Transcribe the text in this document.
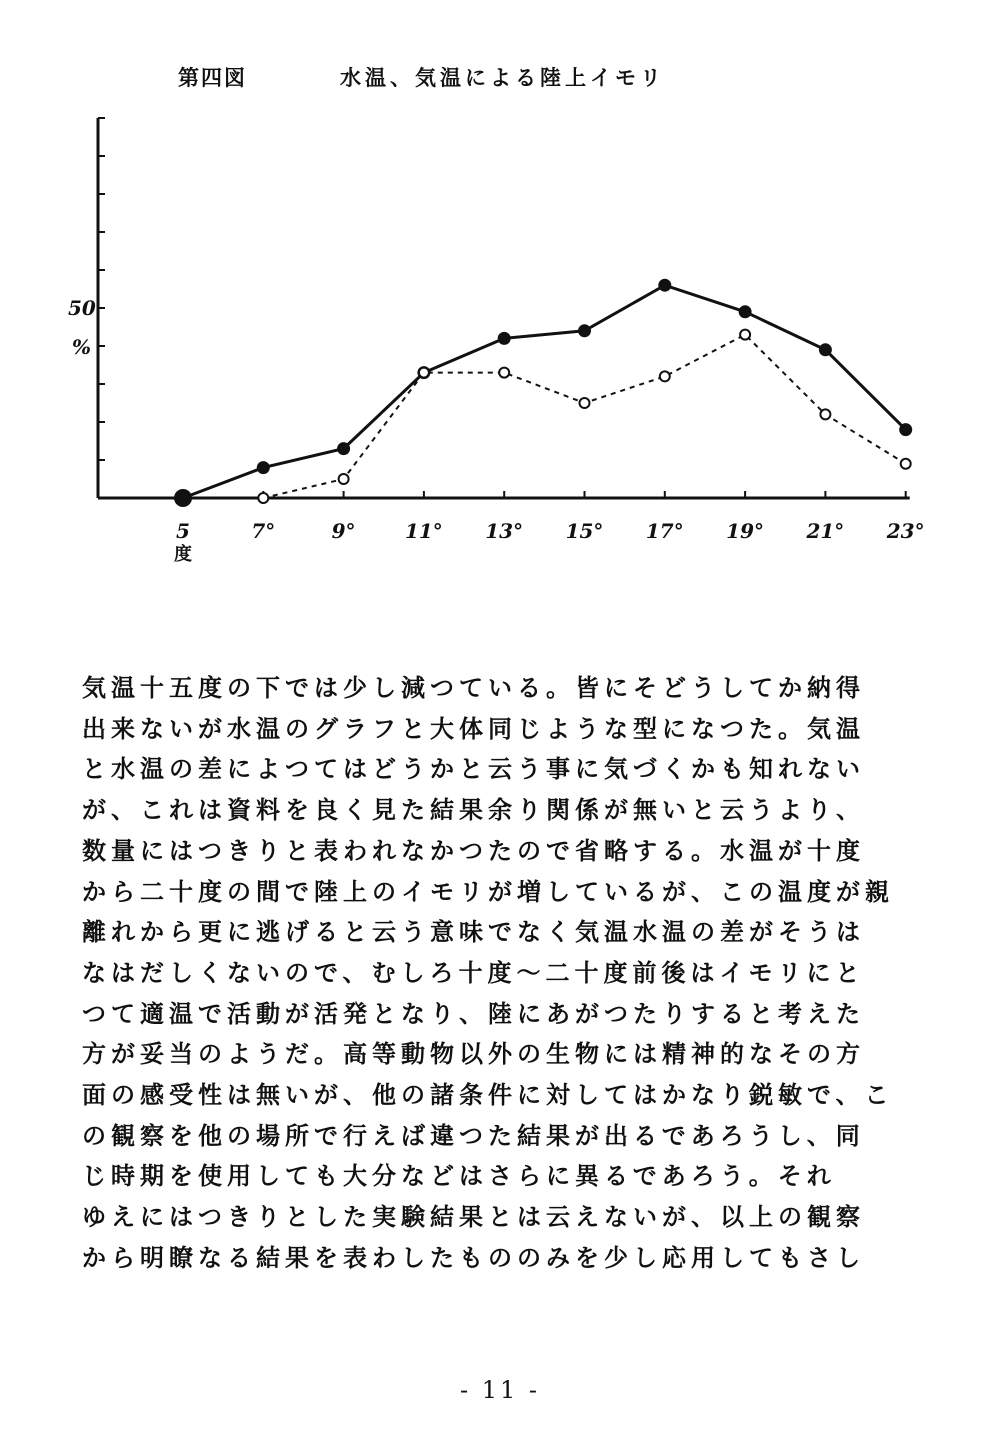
第四図	水温、気温による陸上イモリ
50
%
5	7°	9° 11° 13° 15° 17° 19° 21° 23°
度
気温十五度の下では少し減つている。皆にそどうしてか納得
出来ないが水温のグラフと大体同じような型になつた。気温
と水温の差によつてはどうかと云う事に気づくかも知れない
が、これは資料を良く見た結果余り関係が無いと云うより、
数量にはつきりと表われなかつたので省略する。水温が十度
から二十度の間で陸上のイモリが増しているが、この温度が親
離れから更に逃げると云う意味でなく気温水温の差がそうは
なはだしくないので、むしろ十度～二十度前後はイモリにと
つて適温で活動が活発となり、陸にあがつたりすると考えた
方が妥当のようだ。高等動物以外の生物には精神的なその方
面の感受性は無いが、他の諸条件に対してはかなり鋭敏で、こ
の観察を他の場所で行えば違つた結果が出るであろうし、同
じ時期を使用しても大分などはさらに異るであろう。それ
ゆえにはつきりとした実験結果とは云えないが、以上の観察
から明瞭なる結果を表わしたもののみを少し応用してもさし
- 11 -
